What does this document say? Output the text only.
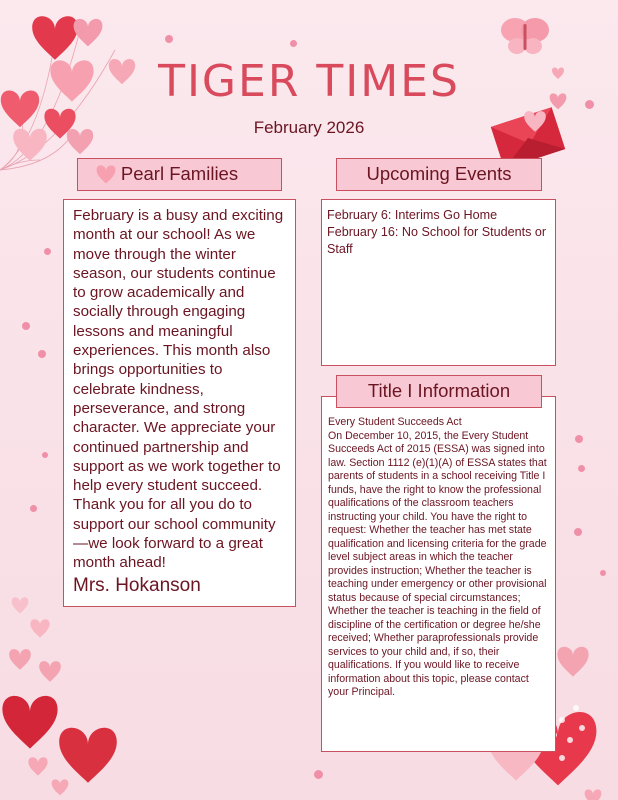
TIGER TIMES
February 2026
Pearl Families

February is a busy and exciting month at our school! As we move through the winter season, our students continue to grow academically and socially through engaging lessons and meaningful experiences. This month also brings opportunities to celebrate kindness, perseverance, and strong character. We appreciate your continued partnership and support as we work together to help every student succeed. Thank you for all you do to support our school community—we look forward to a great month ahead!

Mrs. Hokanson

Upcoming Events

February 6: Interims Go Home

February 16: No School for Students or Staff

Every Student Succeeds Act

On December 10, 2015, the Every Student Succeeds Act of 2015 (ESSA) was signed into law. Section 1112 (e)(1)(A) of ESSA states that parents of students in a school receiving Title I funds, have the right to know the professional qualifications of the classroom teachers instructing your child. You have the right to request: Whether the teacher has met state qualification and licensing criteria for the grade level subject areas in which the teacher provides instruction; Whether the teacher is teaching under emergency or other provisional status because of special circumstances; Whether the teacher is teaching in the field of discipline of the certification or degree he/she received; Whether paraprofessionals provide services to your child and, if so, their qualifications. If you would like to receive information about this topic, please contact your Principal.

Title I Information
